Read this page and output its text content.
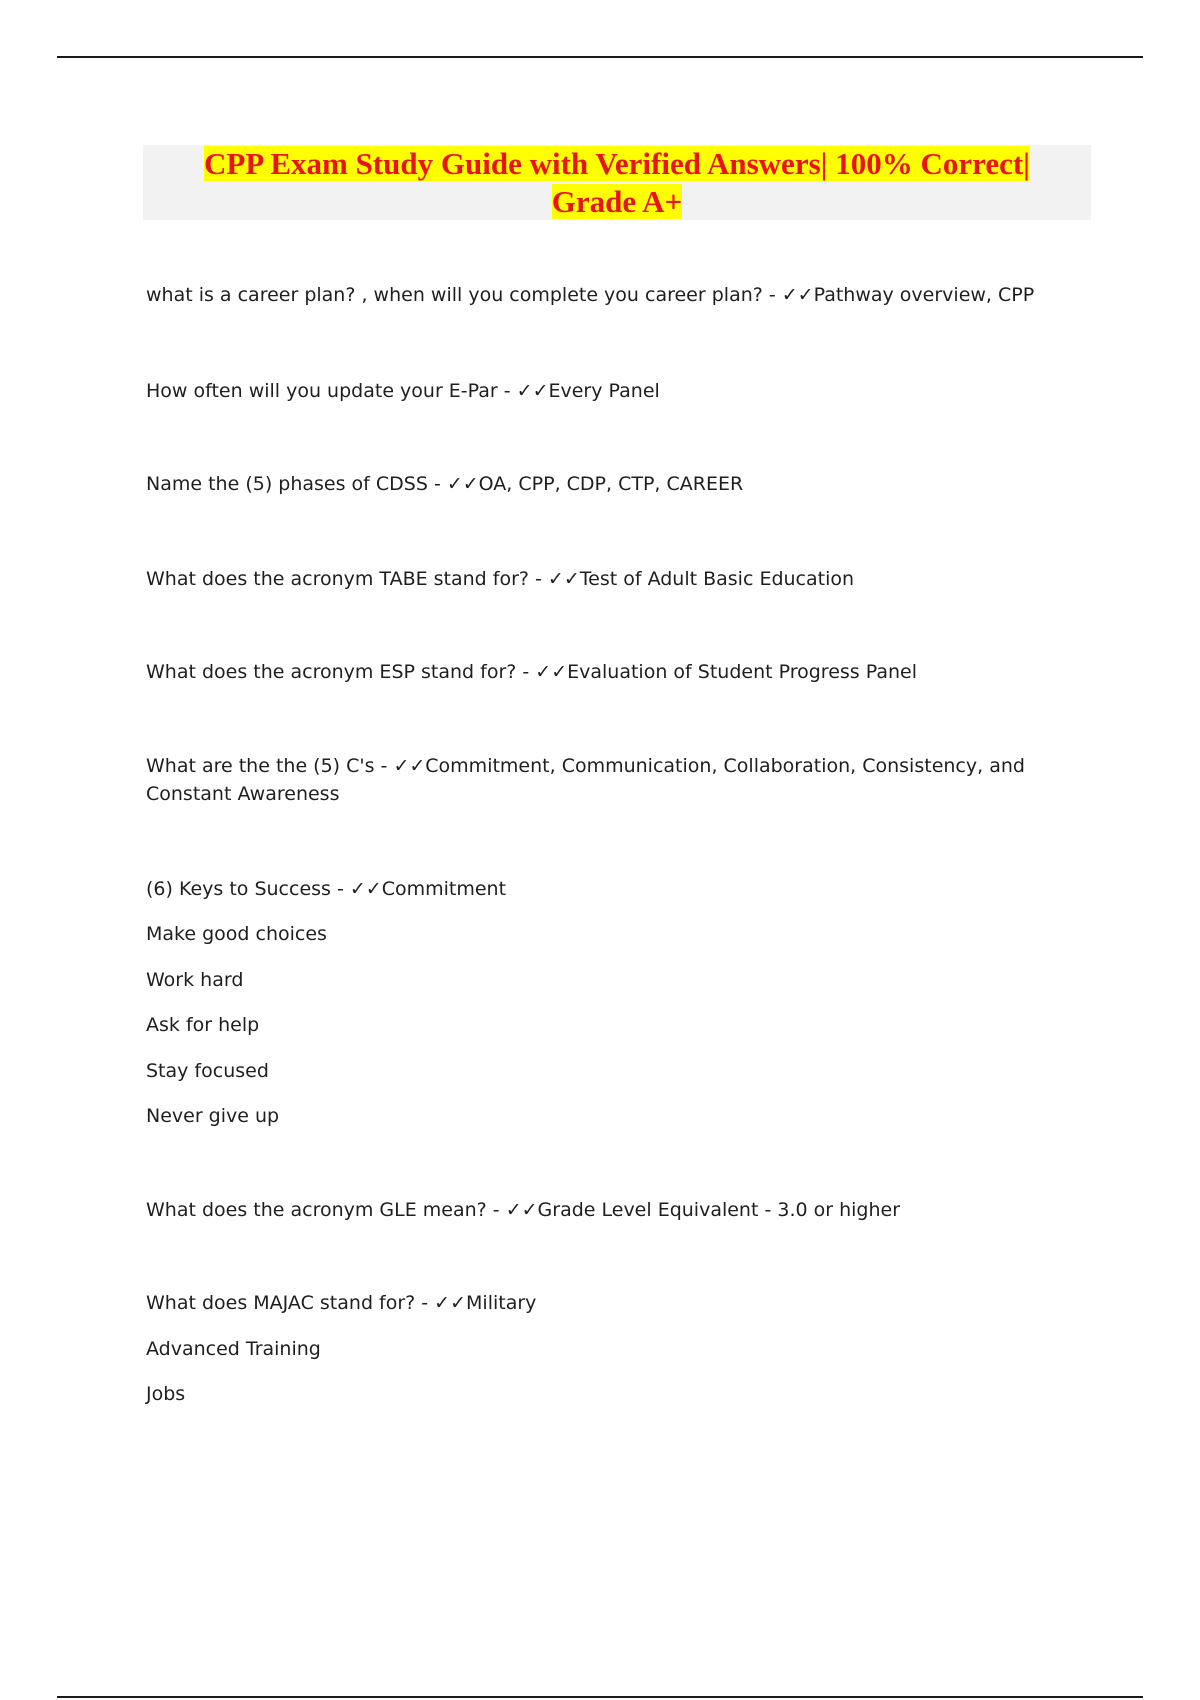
CPP Exam Study Guide with Verified Answers| 100% Correct|
Grade A+
what is a career plan? , when will you complete you career plan? - ✓✓Pathway overview, CPP
How often will you update your E-Par - ✓✓Every Panel
Name the (5) phases of CDSS - ✓✓OA, CPP, CDP, CTP, CAREER
What does the acronym TABE stand for? - ✓✓Test of Adult Basic Education
What does the acronym ESP stand for? - ✓✓Evaluation of Student Progress Panel
What are the the (5) C's - ✓✓Commitment, Communication, Collaboration, Consistency, and Constant Awareness
(6) Keys to Success - ✓✓Commitment
Make good choices
Work hard
Ask for help
Stay focused
Never give up
What does the acronym GLE mean? - ✓✓Grade Level Equivalent - 3.0 or higher
What does MAJAC stand for? - ✓✓Military
Advanced Training
Jobs
